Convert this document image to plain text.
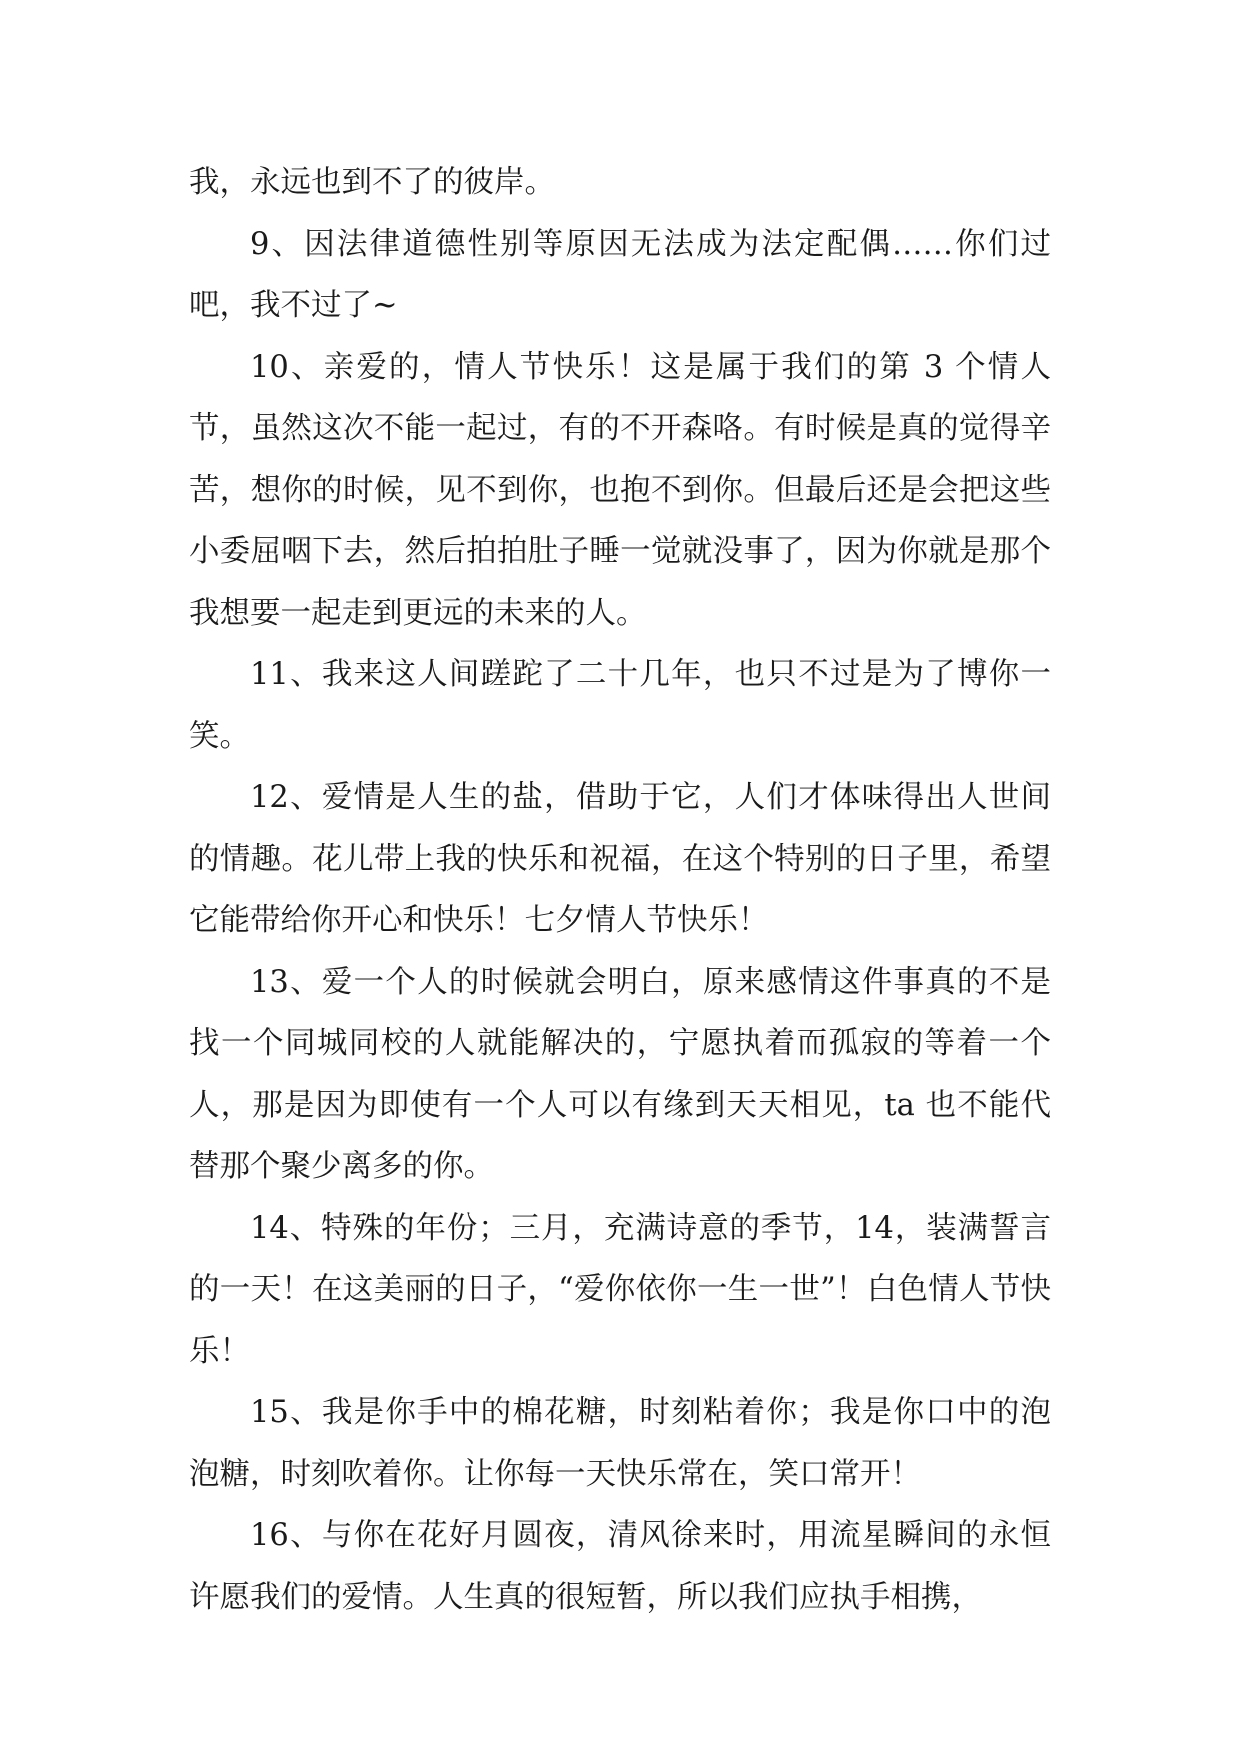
我，永远也到不了的彼岸。

9、因法律道德性别等原因无法成为法定配偶……你们过吧，我不过了~

10、亲爱的，情人节快乐！这是属于我们的第 3 个情人节，虽然这次不能一起过，有的不开森咯。有时候是真的觉得辛苦，想你的时候，见不到你，也抱不到你。但最后还是会把这些小委屈咽下去，然后拍拍肚子睡一觉就没事了，因为你就是那个我想要一起走到更远的未来的人。

11、我来这人间蹉跎了二十几年，也只不过是为了博你一笑。

12、爱情是人生的盐，借助于它，人们才体味得出人世间的情趣。花儿带上我的快乐和祝福，在这个特别的日子里，希望它能带给你开心和快乐！七夕情人节快乐！

13、爱一个人的时候就会明白，原来感情这件事真的不是找一个同城同校的人就能解决的，宁愿执着而孤寂的等着一个人，那是因为即使有一个人可以有缘到天天相见，ta 也不能代替那个聚少离多的你。

14、特殊的年份；三月，充满诗意的季节，14，装满誓言的一天！在这美丽的日子，“爱你依你一生一世”！白色情人节快乐！

15、我是你手中的棉花糖，时刻粘着你；我是你口中的泡泡糖，时刻吹着你。让你每一天快乐常在，笑口常开！

16、与你在花好月圆夜，清风徐来时，用流星瞬间的永恒许愿我们的爱情。人生真的很短暂，所以我们应执手相携，
